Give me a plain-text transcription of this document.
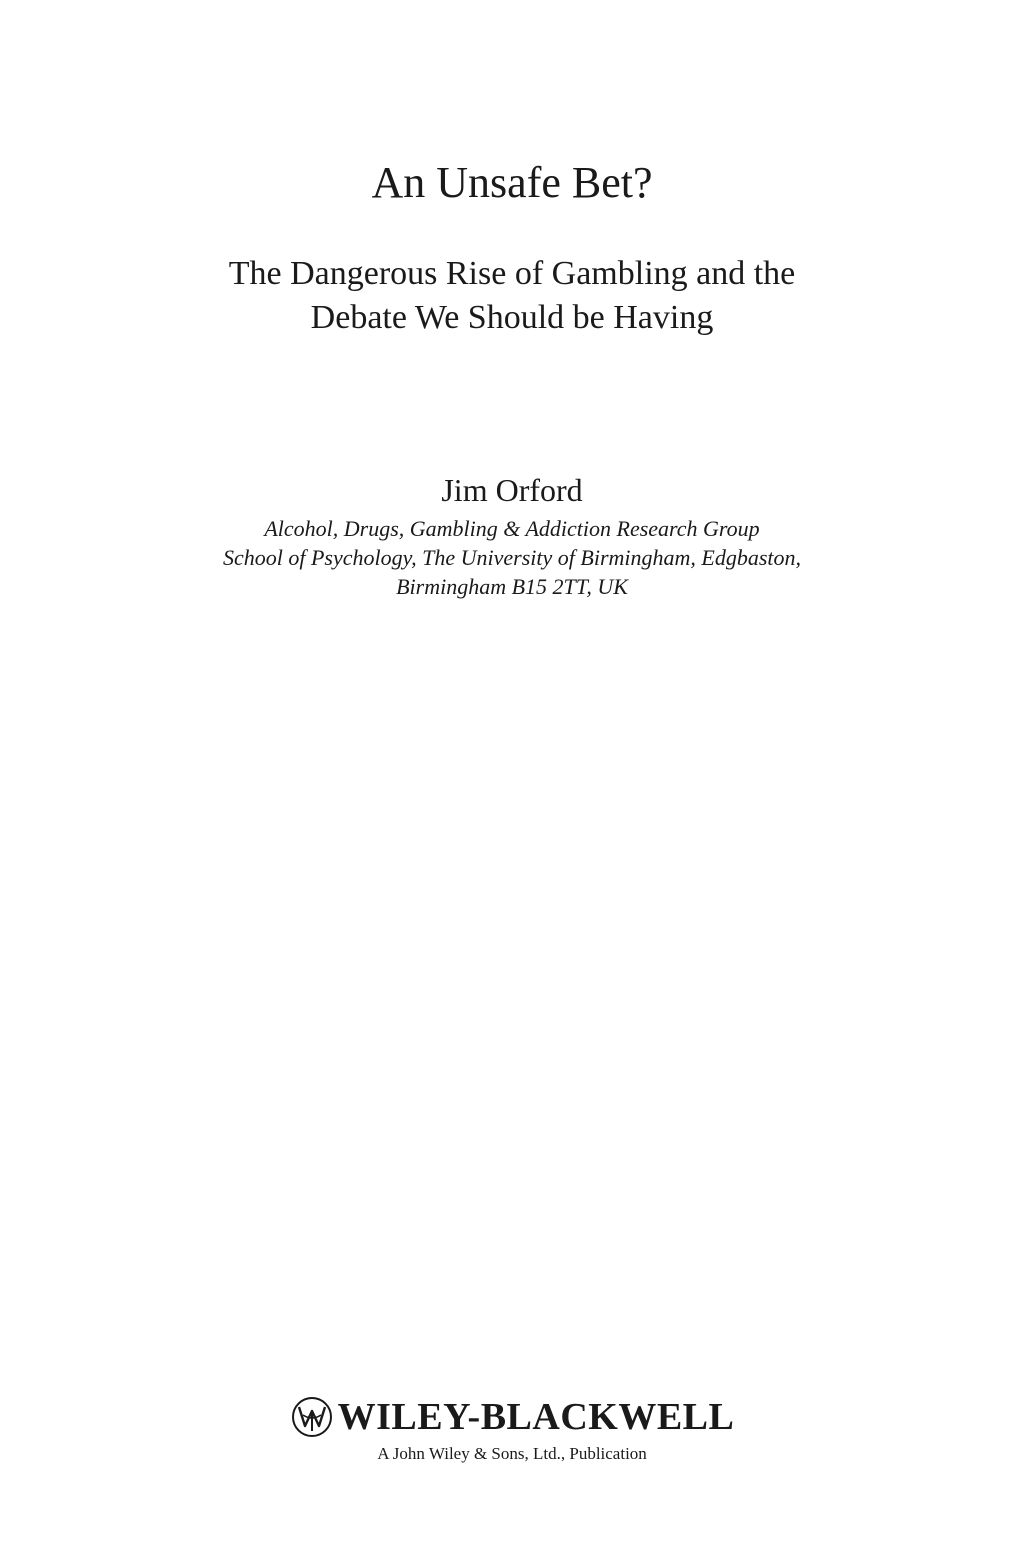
An Unsafe Bet?
The Dangerous Rise of Gambling and the
Debate We Should be Having
Jim Orford
Alcohol, Drugs, Gambling & Addiction Research Group
School of Psychology, The University of Birmingham, Edgbaston,
Birmingham B15 2TT, UK
WILEY-BLACKWELL
A John Wiley & Sons, Ltd., Publication
